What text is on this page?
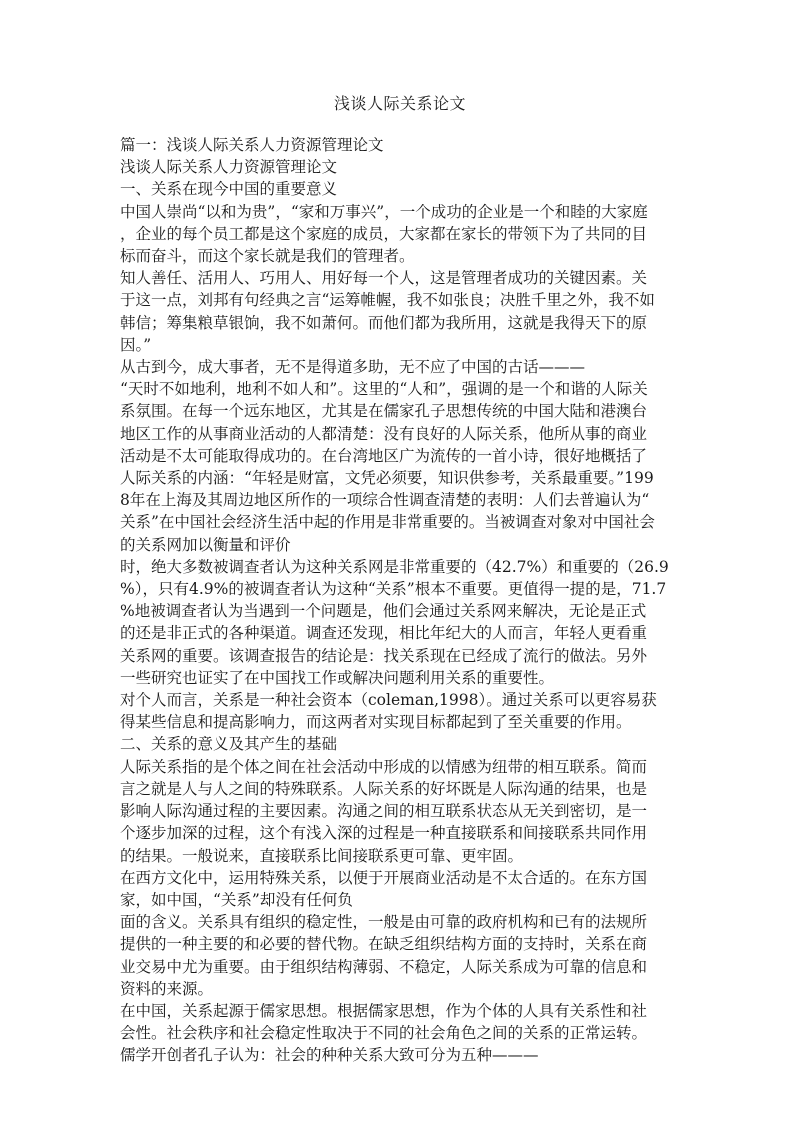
浅谈人际关系论文
篇一：浅谈人际关系人力资源管理论文
浅谈人际关系人力资源管理论文
一、关系在现今中国的重要意义
中国人崇尚“以和为贵”，“家和万事兴”，一个成功的企业是一个和睦的大家庭
，企业的每个员工都是这个家庭的成员，大家都在家长的带领下为了共同的目
标而奋斗，而这个家长就是我们的管理者。
知人善任、活用人、巧用人、用好每一个人，这是管理者成功的关键因素。关
于这一点，刘邦有句经典之言“运筹帷幄，我不如张良；决胜千里之外，我不如
韩信；筹集粮草银饷，我不如萧何。而他们都为我所用，这就是我得天下的原
因。”
从古到今，成大事者，无不是得道多助，无不应了中国的古话———
“天时不如地利，地利不如人和”。这里的“人和”，强调的是一个和谐的人际关
系氛围。在每一个远东地区，尤其是在儒家孔子思想传统的中国大陆和港澳台
地区工作的从事商业活动的人都清楚：没有良好的人际关系，他所从事的商业
活动是不太可能取得成功的。在台湾地区广为流传的一首小诗，很好地概括了
人际关系的内涵：“年轻是财富，文凭必须要，知识供参考，关系最重要。”199
8年在上海及其周边地区所作的一项综合性调查清楚的表明：人们去普遍认为“
关系”在中国社会经济生活中起的作用是非常重要的。当被调查对象对中国社会
的关系网加以衡量和评价
时，绝大多数被调查者认为这种关系网是非常重要的（42.7%）和重要的（26.9
%），只有4.9%的被调查者认为这种“关系”根本不重要。更值得一提的是，71.7
%地被调查者认为当遇到一个问题是，他们会通过关系网来解决，无论是正式
的还是非正式的各种渠道。调查还发现，相比年纪大的人而言，年轻人更看重
关系网的重要。该调查报告的结论是：找关系现在已经成了流行的做法。另外
一些研究也证实了在中国找工作或解决问题利用关系的重要性。
对个人而言，关系是一种社会资本（coleman,1998）。通过关系可以更容易获
得某些信息和提高影响力，而这两者对实现目标都起到了至关重要的作用。
二、关系的意义及其产生的基础
人际关系指的是个体之间在社会活动中形成的以情感为纽带的相互联系。简而
言之就是人与人之间的特殊联系。人际关系的好坏既是人际沟通的结果，也是
影响人际沟通过程的主要因素。沟通之间的相互联系状态从无关到密切，是一
个逐步加深的过程，这个有浅入深的过程是一种直接联系和间接联系共同作用
的结果。一般说来，直接联系比间接联系更可靠、更牢固。
在西方文化中，运用特殊关系，以便于开展商业活动是不太合适的。在东方国
家，如中国，“关系”却没有任何负
面的含义。关系具有组织的稳定性，一般是由可靠的政府机构和已有的法规所
提供的一种主要的和必要的替代物。在缺乏组织结构方面的支持时，关系在商
业交易中尤为重要。由于组织结构薄弱、不稳定，人际关系成为可靠的信息和
资料的来源。
在中国，关系起源于儒家思想。根据儒家思想，作为个体的人具有关系性和社
会性。社会秩序和社会稳定性取决于不同的社会角色之间的关系的正常运转。
儒学开创者孔子认为：社会的种种关系大致可分为五种———
